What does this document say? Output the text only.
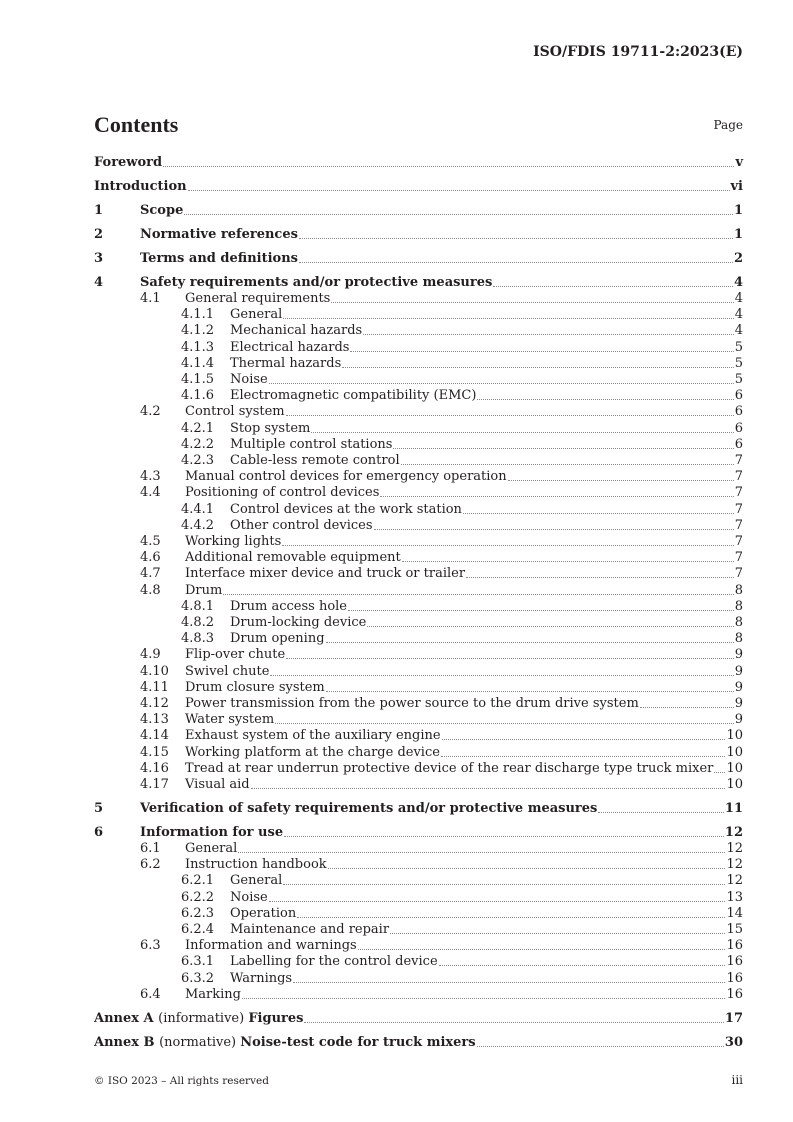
ISO/FDIS 19711-2:2023(E)
Contents	Page
Foreword	v
Introduction	vi
1	Scope	1
2	Normative references	1
3	Terms and definitions	2
4	Safety requirements and/or protective measures	4
4.1 General requirements	4
4.1.1 General	4
4.1.2 Mechanical hazards	4
4.1.3 Electrical hazards	5
4.1.4 Thermal hazards	5
4.1.5 Noise	5
4.1.6 Electromagnetic compatibility (EMC)	6
4.2 Control system	6
4.2.1 Stop system	6
4.2.2 Multiple control stations	6
4.2.3 Cable-less remote control	7
4.3 Manual control devices for emergency operation	7
4.4 Positioning of control devices	7
4.4.1 Control devices at the work station	7
4.4.2 Other control devices	7
4.5 Working lights	7
4.6 Additional removable equipment	7
4.7 Interface mixer device and truck or trailer	7
4.8 Drum	8
4.8.1 Drum access hole	8
4.8.2 Drum-locking device	8
4.8.3 Drum opening	8
4.9 Flip-over chute	9
4.10 Swivel chute	9
4.11 Drum closure system	9
4.12 Power transmission from the power source to the drum drive system	9
4.13 Water system	9
4.14 Exhaust system of the auxiliary engine	10
4.15 Working platform at the charge device	10
4.16 Tread at rear underrun protective device of the rear discharge type truck mixer 10
4.17 Visual aid	10
5	Verification of safety requirements and/or protective measures	11
6	Information for use	12
6.1 General	12
6.2 Instruction handbook	12
6.2.1 General	12
6.2.2 Noise	13
6.2.3 Operation	14
6.2.4 Maintenance and repair	15
6.3 Information and warnings	16
6.3.1 Labelling for the control device	16
6.3.2 Warnings	16
6.4 Marking	16
Annex A (informative) Figures	17
Annex B (normative) Noise-test code for truck mixers	30
© ISO 2023 – All rights reserved	iii
